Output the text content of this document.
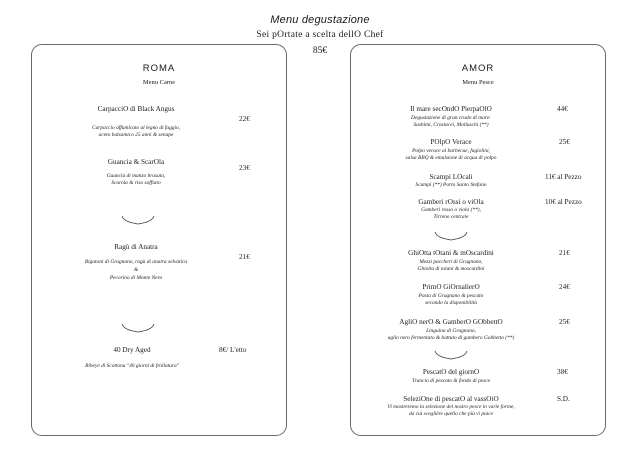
Menu degustazione
Sei pOrtate a scelta dellO Chef
85€
ROMA
Menu Carne
CarpacciO di Black Angus
Carpaccio affumicato al legno di faggio,
aceto balsamico 25 anni & senape
22€
Guancia & ScarOla
Guancia di manzo brasata,
Scarola & riso soffiato
23€
Ragù di Anatra
Rigatoni di Gragnano, ragù di anatra selvatica
&
Pecorino di Monte Nero
21€
40 Dry Aged
Ribeye di Scottona "40 giorni di frollatura"
8€/ L'etto
AMOR
Menu Pesce
Il mare secOndO PierpaOlO
Degustazione di gran crudo di mare:
Sashimi, Crostacei, Molluschi (**)
44€
POlpO Verace
Polpo verace al barbecue, fagiolini,
salsa BBQ & emulsione di acqua di polpo
25€
Scampi LOcali
Scampi (**) Porto Santo Stefano
11€ al Pezzo
Gamberi rOssi o viOla
Gamberi rosso o viola (**),
Tirreno centrale
10€ al Pezzo
GhiOtta tOtani & mOscardini
Mezzi paccheri di Gragnano,
Ghiotta di totani & moscardini
21€
PrimO GiOrnalierO
Pasta di Gragnano & pescato
secondo la disponibilità
24€
AgliO nerO & GamberO GObbettO
Linguina di Gragnano,
aglio nero fermentato & battuto di gambero Gobbetto (**)
25€
PescatO del giornO
Trancio di pescato & fondo di pesce
38€
SeleziOne di pescatO al vassOiO
Vi mostreremo la selezione del nostro pesce in varie forme,
da cui sceglière quello che più vi piace
S.D.
